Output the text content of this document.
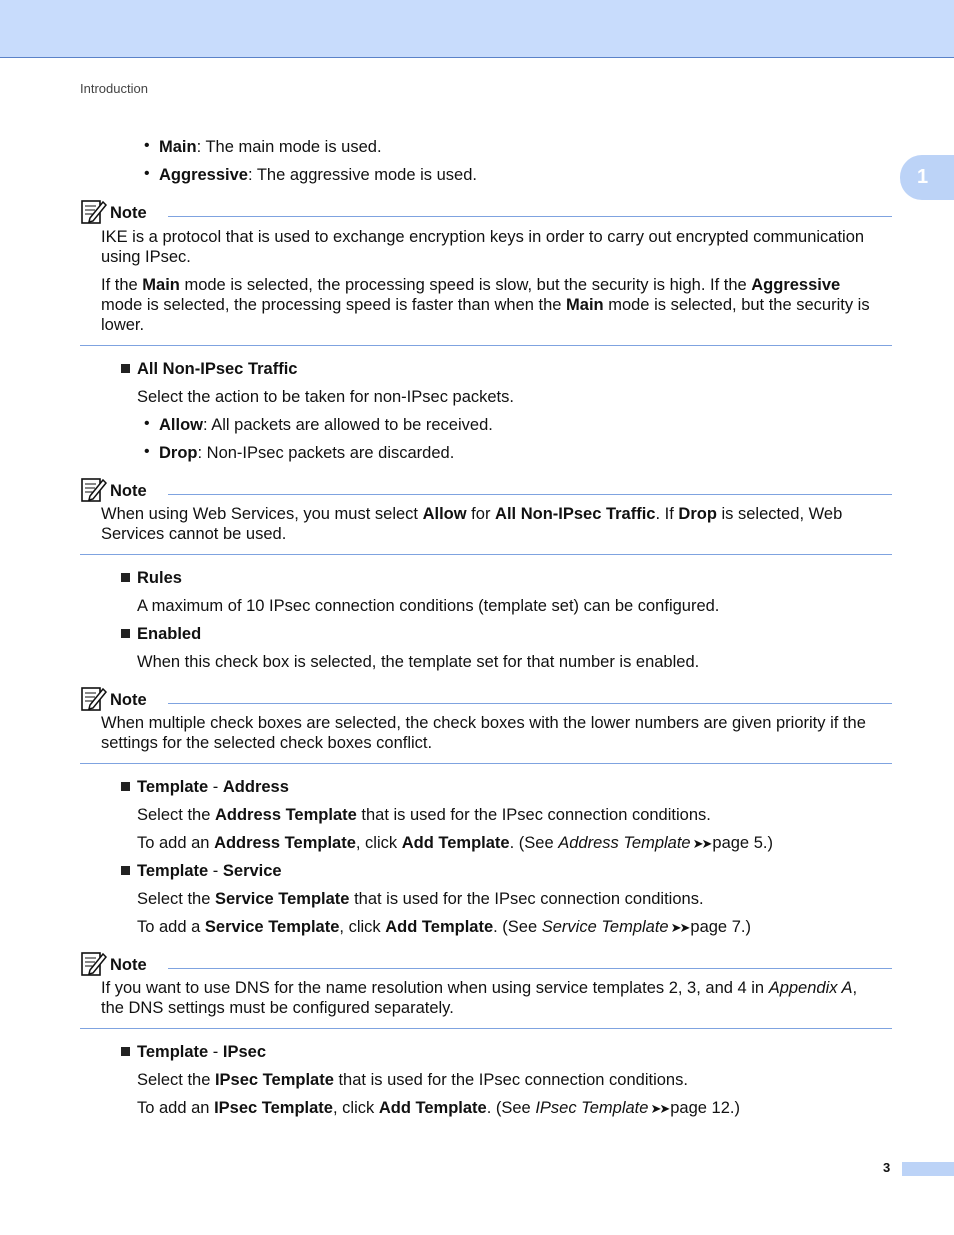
Introduction
1
• Main: The main mode is used.
• Aggressive: The aggressive mode is used.
Note
IKE is a protocol that is used to exchange encryption keys in order to carry out encrypted communication
using IPsec.
If the Main mode is selected, the processing speed is slow, but the security is high. If the Aggressive
mode is selected, the processing speed is faster than when the Main mode is selected, but the security is
lower.
All Non-IPsec Traffic
Select the action to be taken for non-IPsec packets.
• Allow: All packets are allowed to be received.
• Drop: Non-IPsec packets are discarded.
Note
When using Web Services, you must select Allow for All Non-IPsec Traffic. If Drop is selected, Web
Services cannot be used.
Rules
A maximum of 10 IPsec connection conditions (template set) can be configured.
Enabled
When this check box is selected, the template set for that number is enabled.
Note
When multiple check boxes are selected, the check boxes with the lower numbers are given priority if the
settings for the selected check boxes conflict.
Template - Address
Select the Address Template that is used for the IPsec connection conditions.
To add an Address Template, click Add Template. (See Address Template ➤➤ page 5.)
Template - Service
Select the Service Template that is used for the IPsec connection conditions.
To add a Service Template, click Add Template. (See Service Template ➤➤ page 7.)
Note
If you want to use DNS for the name resolution when using service templates 2, 3, and 4 in Appendix A,
the DNS settings must be configured separately.
Template - IPsec
Select the IPsec Template that is used for the IPsec connection conditions.
To add an IPsec Template, click Add Template. (See IPsec Template ➤➤ page 12.)
3
